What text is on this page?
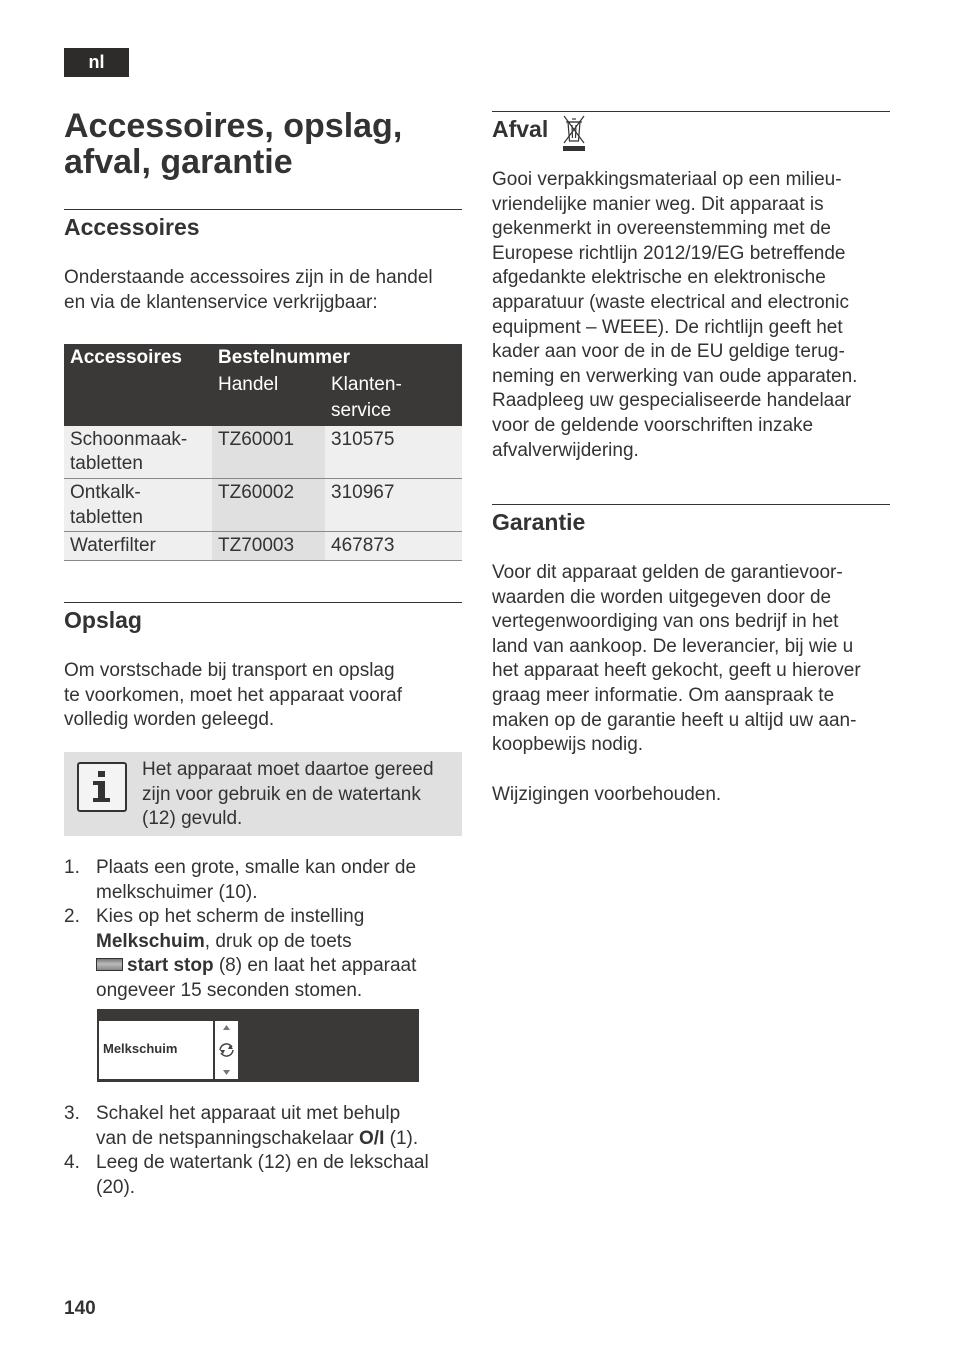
nl
Accessoires, opslag,
afval, garantie
Accessoires
Onderstaande accessoires zijn in de handel
en via de klantenservice verkrijgbaar:
Accessoires	Bestelnummer	
	Handel	Klanten-
		service
Schoonmaak-
tabletten	TZ60001	310575
Ontkalk-
tabletten	TZ60002	310967
Waterfilter	TZ70003	467873
Opslag
Om vorstschade bij transport en opslag
te voorkomen, moet het apparaat vooraf
volledig worden geleegd.
Het apparaat moet daartoe gereed
zijn voor gebruik en de watertank
(12) gevuld.
1. Plaats een grote, smalle kan onder de
melkschuimer (10).
2. Kies op het scherm de instelling
Melkschuim, druk op de toets
start stop (8) en laat het apparaat
ongeveer 15 seconden stomen.
Melkschuim
3. Schakel het apparaat uit met behulp
van de netspanningschakelaar O/I (1).
4. Leeg de watertank (12) en de lekschaal
(20).
Afval
Gooi verpakkingsmateriaal op een milieu-
vriendelijke manier weg. Dit apparaat is
gekenmerkt in overeenstemming met de
Europese richtlijn 2012/19/EG betreffende
afgedankte elektrische en elektronische
apparatuur (waste electrical and electronic
equipment – WEEE). De richtlijn geeft het
kader aan voor de in de EU geldige terug-
neming en verwerking van oude apparaten.
Raadpleeg uw gespecialiseerde handelaar
voor de geldende voorschriften inzake
afvalverwijdering.
Garantie
Voor dit apparaat gelden de garantievoor-
waarden die worden uitgegeven door de
vertegenwoordiging van ons bedrijf in het
land van aankoop. De leverancier, bij wie u
het apparaat heeft gekocht, geeft u hierover
graag meer informatie. Om aanspraak te
maken op de garantie heeft u altijd uw aan-
koopbewijs nodig.
Wijzigingen voorbehouden.
140
